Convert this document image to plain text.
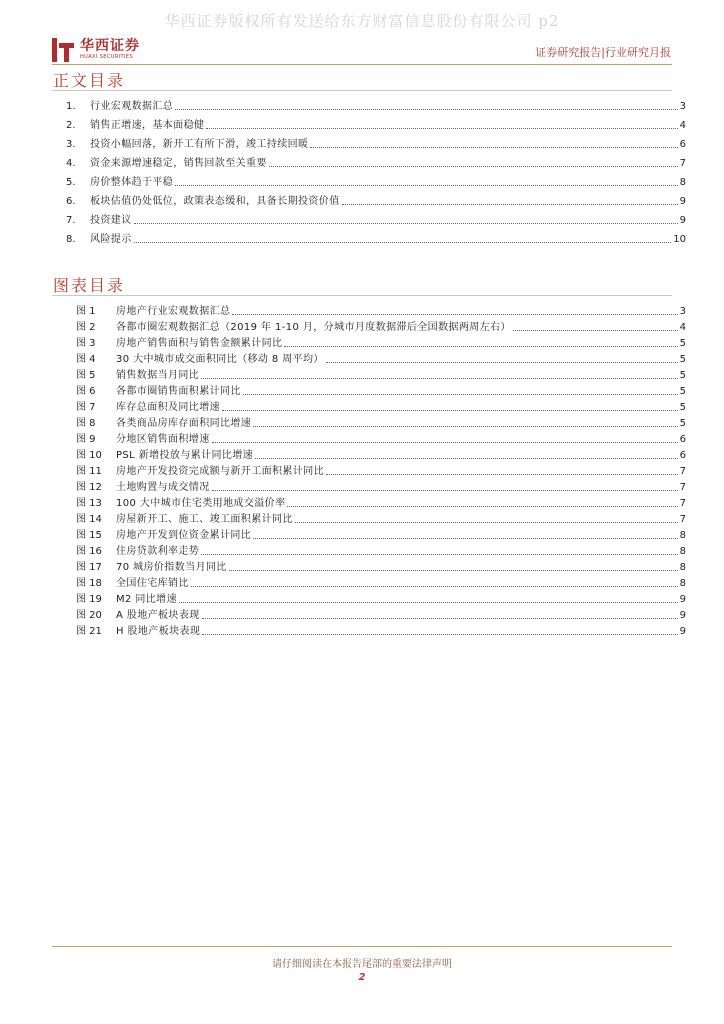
华西证券版权所有发送给东方财富信息股份有限公司 p2
华西证券
HUAXI SECURITIES	证券研究报告|行业研究月报
正文目录
1.	行业宏观数据汇总	3
2.	销售正增速，基本面稳健	4
3.	投资小幅回落，新开工有所下滑，竣工持续回暖	6
4.	资金来源增速稳定，销售回款至关重要	7
5.	房价整体趋于平稳	8
6.	板块估值仍处低位，政策表态缓和，具备长期投资价值	9
7.	投资建议	9
8.	风险提示	10
图表目录
图 1	房地产行业宏观数据汇总	3
图 2	各都市圈宏观数据汇总（2019 年 1-10 月，分城市月度数据滞后全国数据两周左右）	4
图 3	房地产销售面积与销售金额累计同比	5
图 4	30 大中城市成交面积同比（移动 8 周平均）	5
图 5	销售数据当月同比	5
图 6	各都市圈销售面积累计同比	5
图 7	库存总面积及同比增速	5
图 8	各类商品房库存面积同比增速	5
图 9	分地区销售面积增速	6
图 10	PSL 新增投放与累计同比增速	6
图 11	房地产开发投资完成额与新开工面积累计同比	7
图 12	土地购置与成交情况	7
图 13	100 大中城市住宅类用地成交溢价率	7
图 14	房屋新开工、施工、竣工面积累计同比	7
图 15	房地产开发到位资金累计同比	8
图 16	住房贷款利率走势	8
图 17	70 城房价指数当月同比	8
图 18	全国住宅库销比	8
图 19	M2 同比增速	9
图 20	A 股地产板块表现	9
图 21	H 股地产板块表现	9
请仔细阅读在本报告尾部的重要法律声明
2
